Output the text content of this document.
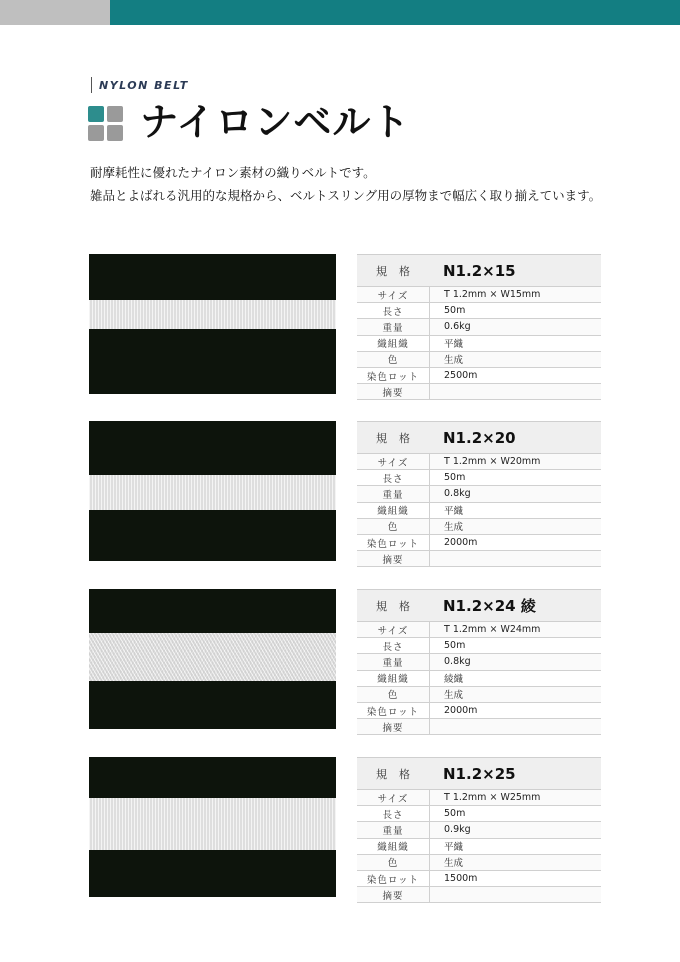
NYLON BELT
ナイロンベルト
耐摩耗性に優れたナイロン素材の織りベルトです。
雑品とよばれる汎用的な規格から、ベルトスリング用の厚物まで幅広く取り揃えています。
規格	N1.2×15
サイズ	T 1.2mm × W15mm
長さ	50m
重量	0.6kg
織組織	平織
色	生成
染色ロット	2500m
摘要
規格	N1.2×20
サイズ	T 1.2mm × W20mm
長さ	50m
重量	0.8kg
織組織	平織
色	生成
染色ロット	2000m
摘要
規格	N1.2×24 綾
サイズ	T 1.2mm × W24mm
長さ	50m
重量	0.8kg
織組織	綾織
色	生成
染色ロット	2000m
摘要
規格	N1.2×25
サイズ	T 1.2mm × W25mm
長さ	50m
重量	0.9kg
織組織	平織
色	生成
染色ロット	1500m
摘要
